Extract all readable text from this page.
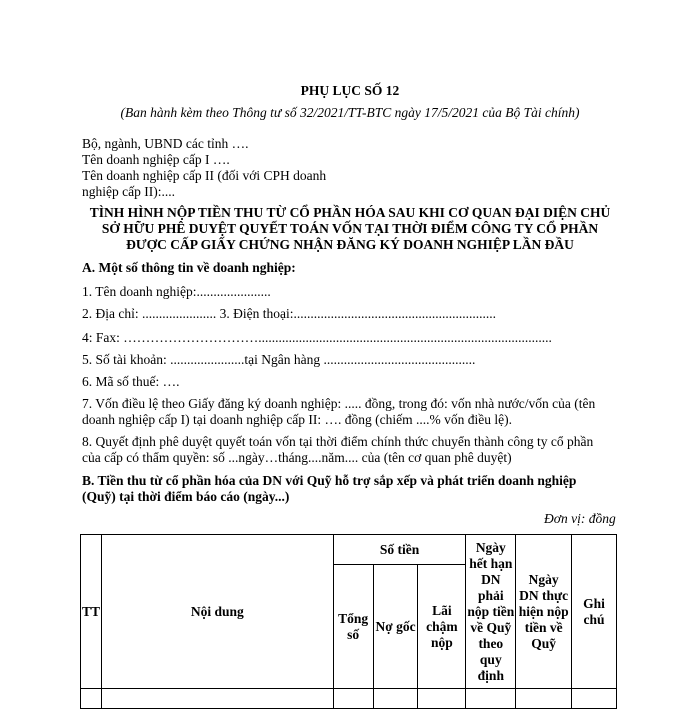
PHỤ LỤC SỐ 12

(Ban hành kèm theo Thông tư số 32/2021/TT-BTC ngày 17/5/2021 của Bộ Tài chính)

Bộ, ngành, UBND các tỉnh ….

Tên doanh nghiệp cấp I ….

Tên doanh nghiệp cấp II (đối với CPH doanh

nghiệp cấp II):....

TÌNH HÌNH NỘP TIỀN THU TỪ CỔ PHẦN HÓA SAU KHI CƠ QUAN ĐẠI DIỆN CHỦ

SỞ HỮU PHÊ DUYỆT QUYẾT TOÁN VỐN TẠI THỜI ĐIỂM CÔNG TY CỔ PHẦN

ĐƯỢC CẤP GIẤY CHỨNG NHẬN ĐĂNG KÝ DOANH NGHIỆP LẦN ĐẦU

A. Một số thông tin về doanh nghiệp:

1. Tên doanh nghiệp:......................

2. Địa chỉ: ...................... 3. Điện thoại:............................................................

4: Fax: ………………………….......................................................................................

5. Số tài khoản: ......................tại Ngân hàng .............................................

6. Mã số thuế: ….

7. Vốn điều lệ theo Giấy đăng ký doanh nghiệp: ..... đồng, trong đó: vốn nhà nước/vốn của (tên

doanh nghiệp cấp I) tại doanh nghiệp cấp II: …. đồng (chiếm ....% vốn điều lệ).

8. Quyết định phê duyệt quyết toán vốn tại thời điểm chính thức chuyển thành công ty cổ phần

của cấp có thẩm quyền: số ...ngày…tháng....năm.... của (tên cơ quan phê duyệt)

B. Tiền thu từ cổ phần hóa của DN với Quỹ hỗ trợ sắp xếp và phát triển doanh nghiệp

(Quỹ) tại thời điểm báo cáo (ngày...)

Đơn vị: đồng

TT	Nội dung	Số tiền			Ngày hết hạn DN phải nộp tiền về Quỹ theo quy định	Ngày DN thực hiện nộp tiền về Quỹ	Ghi chú
		Tổng số	Nợ gốc	Lãi chậm nộp			
